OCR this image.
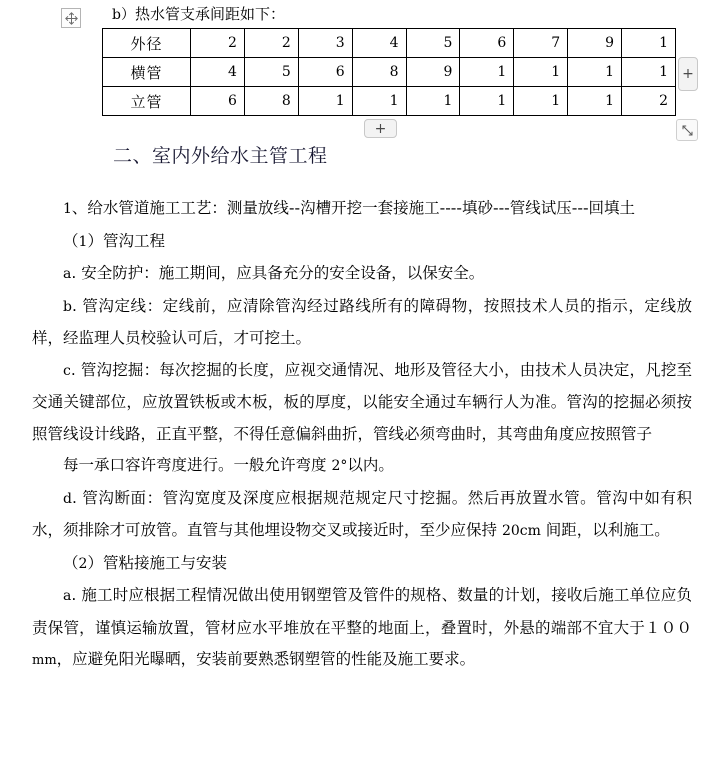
b）热水管支承间距如下：
外径	2	2	3	4	5	6	7	9	1
横管	4	5	6	8	9	1	1	1	1
立管	6	8	1	1	1	1	1	1	2
+
+
二、室内外给水主管工程

1、给水管道施工工艺：测量放线--沟槽开挖一套接施工----填砂---管线试压---回填土

（1）管沟工程

a. 安全防护：施工期间，应具备充分的安全设备，以保安全。

b. 管沟定线：定线前，应清除管沟经过路线所有的障碍物，按照技术人员的指示，定线放样，经监理人员校验认可后，才可挖土。

c. 管沟挖掘：每次挖掘的长度，应视交通情况、地形及管径大小，由技术人员决定，凡挖至交通关键部位，应放置铁板或木板，板的厚度，以能安全通过车辆行人为准。管沟的挖掘必须按照管线设计线路，正直平整，不得任意偏斜曲折，管线必须弯曲时，其弯曲角度应按照管子

每一承口容许弯度进行。一般允许弯度 2°以内。

d. 管沟断面：管沟宽度及深度应根据规范规定尺寸挖掘。然后再放置水管。管沟中如有积水，须排除才可放管。直管与其他埋设物交叉或接近时，至少应保持 20cm 间距，以利施工。

（2）管粘接施工与安装

a. 施工时应根据工程情况做出使用钢塑管及管件的规格、数量的计划，接收后施工单位应负责保管，谨慎运输放置，管材应水平堆放在平整的地面上，叠置时，外悬的端部不宜大于１００mm，应避免阳光曝晒，安装前要熟悉钢塑管的性能及施工要求。
